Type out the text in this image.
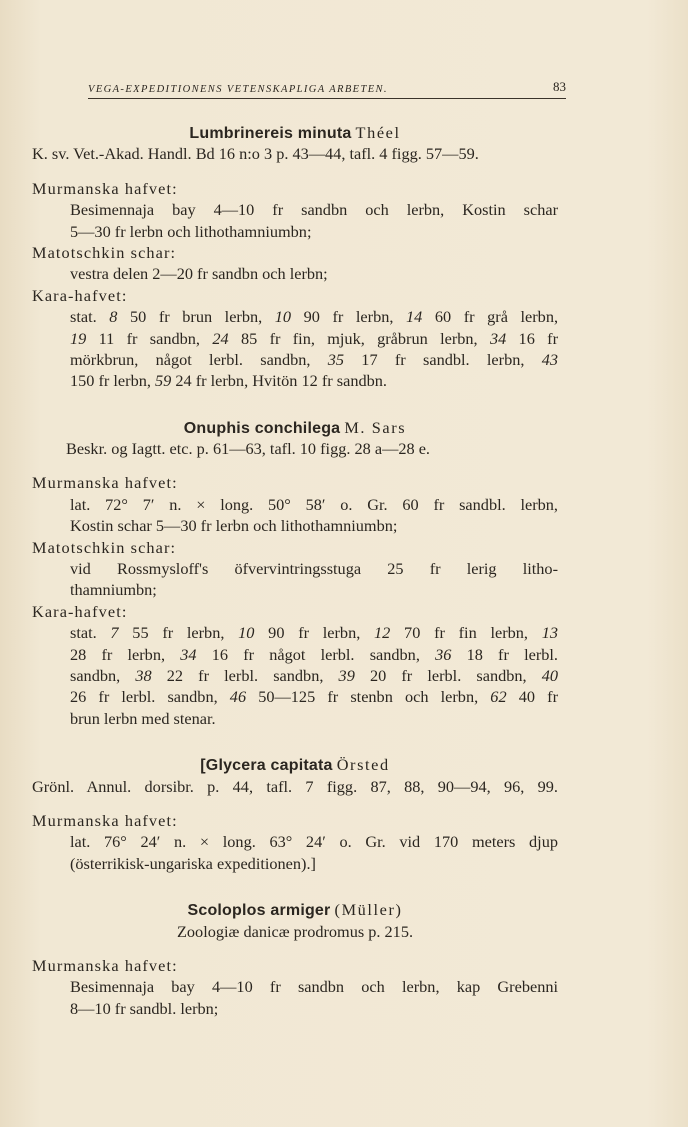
VEGA-EXPEDITIONENS VETENSKAPLIGA ARBETEN.	83
Lumbrinereis minuta Théel
K. sv. Vet.-Akad. Handl. Bd 16 n:o 3 p. 43—44, tafl. 4 figg. 57—59.
Murmanska hafvet:
Besimennaja bay 4—10 fr sandbn och lerbn, Kostin schar
5—30 fr lerbn och lithothamniumbn;
Matotschkin schar:
vestra delen 2—20 fr sandbn och lerbn;
Kara-hafvet:
stat. 8 50 fr brun lerbn, 10 90 fr lerbn, 14 60 fr grå lerbn,
19 11 fr sandbn, 24 85 fr fin, mjuk, gråbrun lerbn, 34 16 fr
mörkbrun, något lerbl. sandbn, 35 17 fr sandbl. lerbn, 43
150 fr lerbn, 59 24 fr lerbn, Hvitön 12 fr sandbn.
Onuphis conchilega M. Sars
Beskr. og Iagtt. etc. p. 61—63, tafl. 10 figg. 28 a—28 e.
Murmanska hafvet:
lat. 72° 7′ n. × long. 50° 58′ o. Gr. 60 fr sandbl. lerbn,
Kostin schar 5—30 fr lerbn och lithothamniumbn;
Matotschkin schar:
vid Rossmysloff's öfvervintringsstuga 25 fr lerig litho-
thamniumbn;
Kara-hafvet:
stat. 7 55 fr lerbn, 10 90 fr lerbn, 12 70 fr fin lerbn, 13
28 fr lerbn, 34 16 fr något lerbl. sandbn, 36 18 fr lerbl.
sandbn, 38 22 fr lerbl. sandbn, 39 20 fr lerbl. sandbn, 40
26 fr lerbl. sandbn, 46 50—125 fr stenbn och lerbn, 62 40 fr
brun lerbn med stenar.
[Glycera capitata Örsted
Grönl. Annul. dorsibr. p. 44, tafl. 7 figg. 87, 88, 90—94, 96, 99.
Murmanska hafvet:
lat. 76° 24′ n. × long. 63° 24′ o. Gr. vid 170 meters djup
(österrikisk-ungariska expeditionen).]
Scoloplos armiger (Müller)
Zoologiæ danicæ prodromus p. 215.
Murmanska hafvet:
Besimennaja bay 4—10 fr sandbn och lerbn, kap Grebenni
8—10 fr sandbl. lerbn;
